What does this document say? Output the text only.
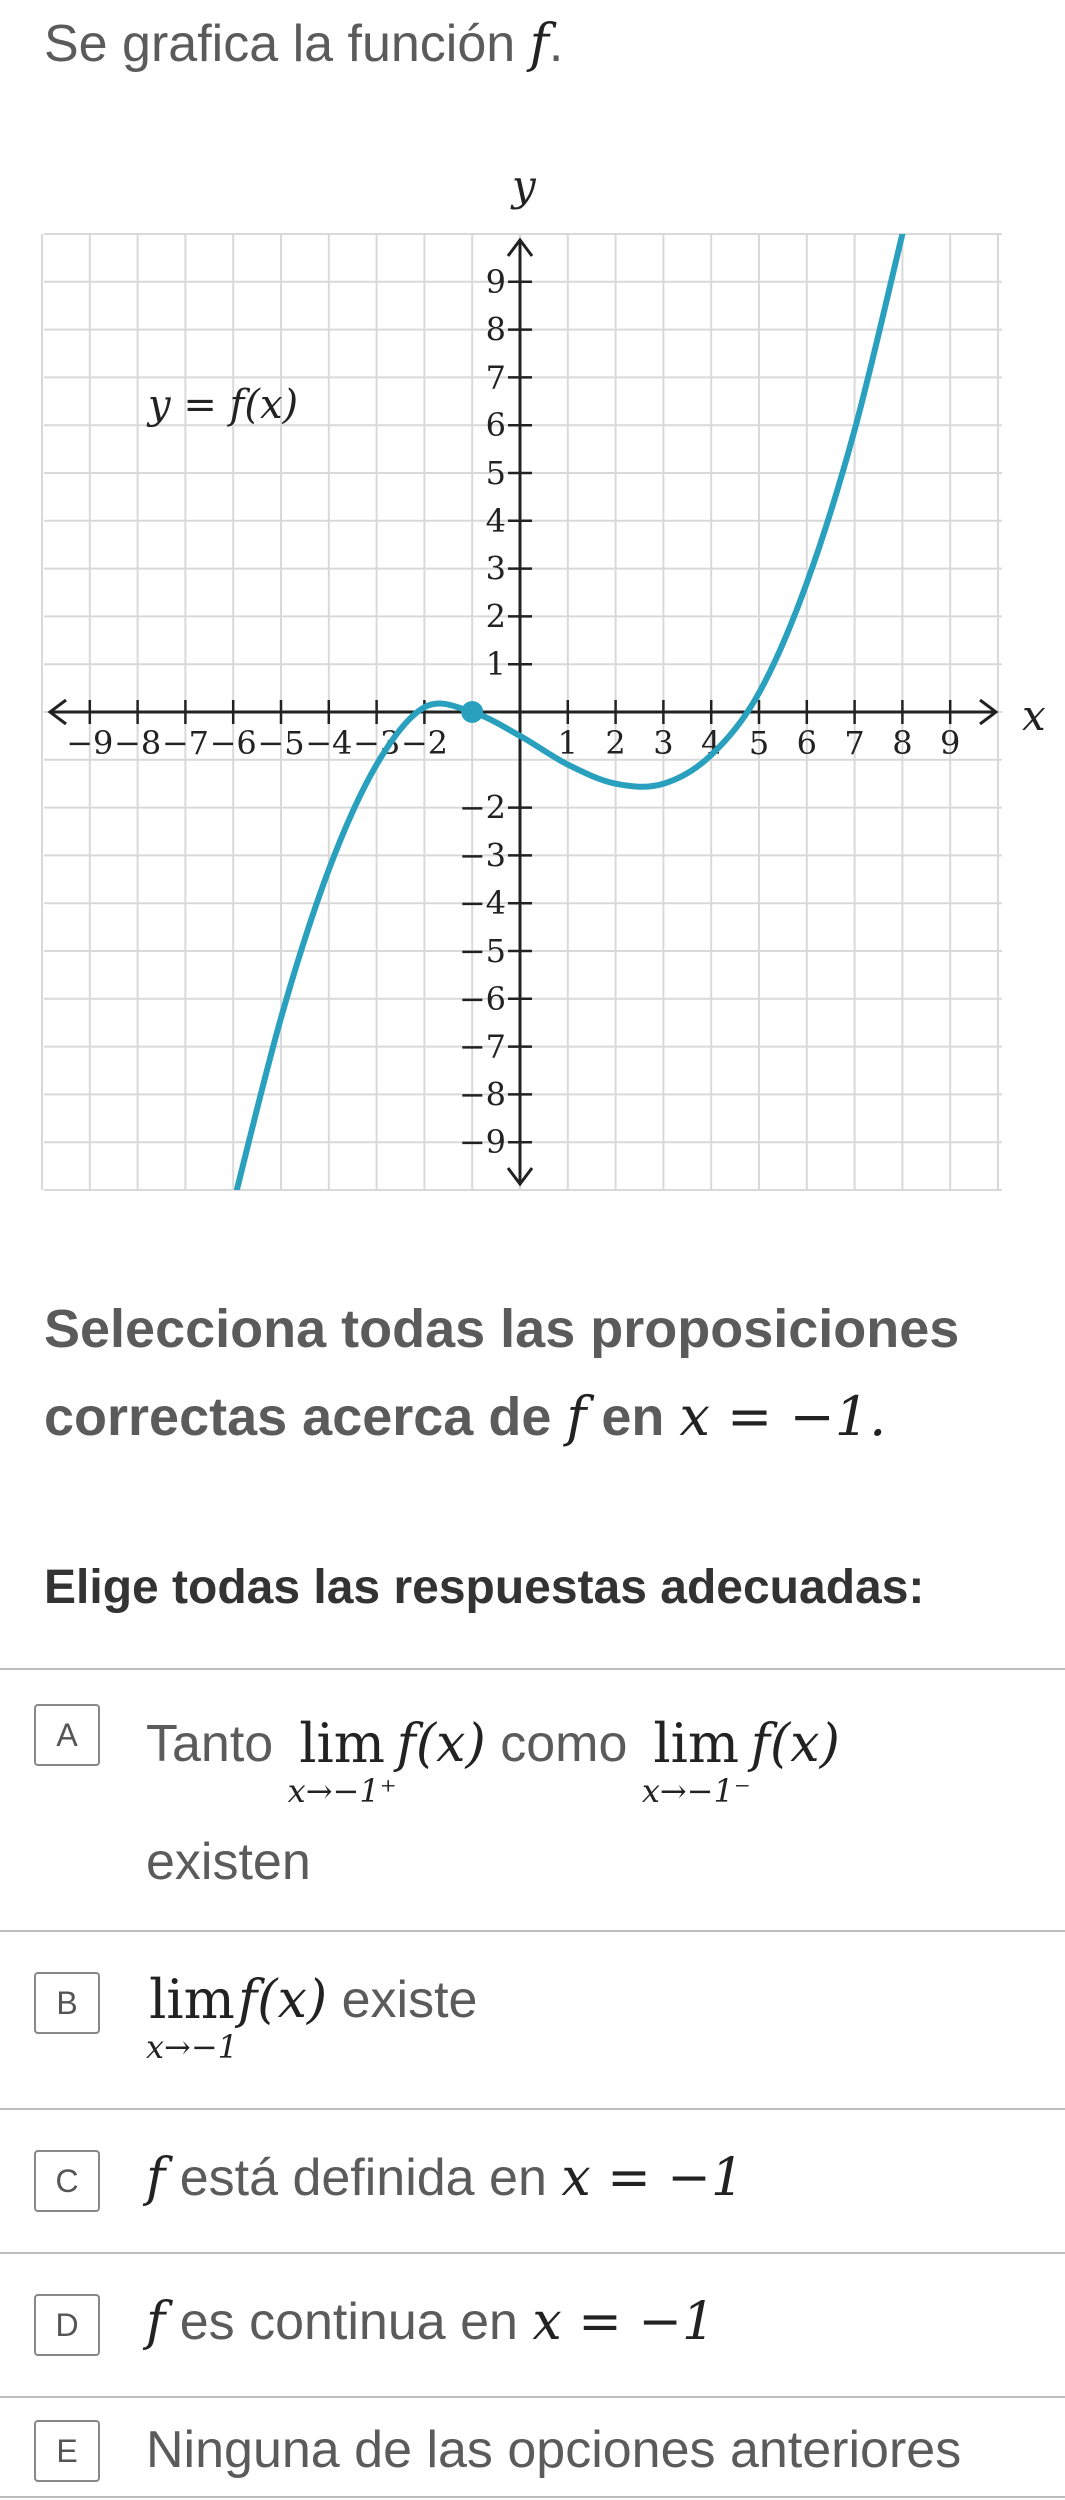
Se grafica la función f.
−9 −8 −7 −6 −5 −4 −3 −2	1 2 3 4 5 6 7 8 9
−9
−8
−7
−6
−5
−4
−3
−2
1
2
3
4
5
6
7
8
9
y = f(x)
x
y
Selecciona todas las proposiciones
correctas acerca de f en x = −1.
Elige todas las respuestas adecuadas:
A	Tanto lim
x→−1⁺
f(x) como lim
x→−1⁻
f(x)
existen
B	lim
x→−1
f(x) existe
C	f está definida en x = −1
D	f es continua en x = −1
E	Ninguna de las opciones anteriores
